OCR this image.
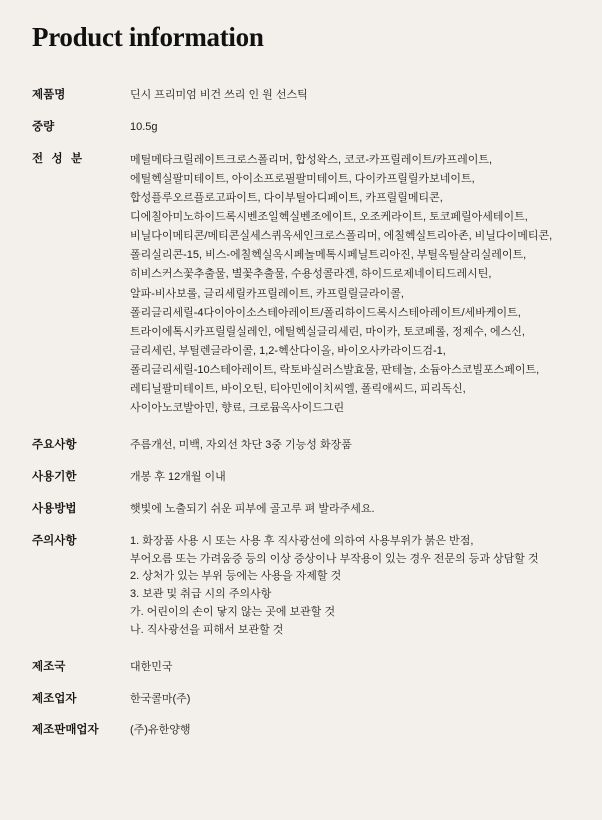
Product information
제품명	딘시 프리미엄 비건 쓰리 인 원 선스틱

중량	10.5g

전 성 분	메틸메타크릴레이트크로스폴리머, 합성왁스, 코코-카프릴레이트/카프레이트,
에틸헥실팔미테이트, 아이소프로필팔미테이트, 다이카프릴릴카보네이트,
합성플루오르플로고파이트, 다이부틸아디페이트, 카프릴릴메티콘,
디에칠아미노하이드록시벤조일헥실벤조에이트, 오조케라이트, 토코페릴아세테이트,
비닐다이메티콘/메티콘실세스퀴옥세인크로스폴리머, 에칠헥실트리아존, 비닐다이메티콘,
폴리실리콘-15, 비스-에칠헥실옥시페놀메톡시페닐트리아진, 부틸옥틸살리실레이트,
히비스커스꽃추출물, 별꽃추출물, 수용성콜라겐, 하이드로제네이티드레시틴,
알파-비사보롤, 글리세릴카프릴레이트, 카프릴릴글라이콜,
폴리글리세릴-4다이아이소스테아레이트/폴리하이드록시스테아레이트/세바케이트,
트라이에톡시카프릴릴실레인, 에틸헥실글리세린, 마이카, 토코페롤, 정제수, 에스신,
글리세린, 부틸렌글라이콜, 1,2-헥산다이올, 바이오사카라이드검-1,
폴리글리세릴-10스테아레이트, 락토바실러스발효물, 판테놀, 소듐아스코빌포스페이트,
레티닐팔미테이트, 바이오틴, 티아민에이치씨엘, 폴릭애씨드, 피리독신,
사이아노코발아민, 향료, 크로뮴옥사이드그린

주요사항	주름개선, 미백, 자외선 차단 3중 기능성 화장품

사용기한	개봉 후 12개월 이내

사용방법	햇빛에 노출되기 쉬운 피부에 골고루 펴 발라주세요.

주의사항	1. 화장품 사용 시 또는 사용 후 직사광선에 의하여 사용부위가 붉은 반점,
부어오름 또는 가려움증 등의 이상 증상이나 부작용이 있는 경우 전문의 등과 상담할 것
2. 상처가 있는 부위 등에는 사용을 자제할 것
3. 보관 및 취급 시의 주의사항
가. 어린이의 손이 닿지 않는 곳에 보관할 것
나. 직사광선을 피해서 보관할 것

제조국	대한민국

제조업자	한국콜마(주)

제조판매업자	(주)유한양행
